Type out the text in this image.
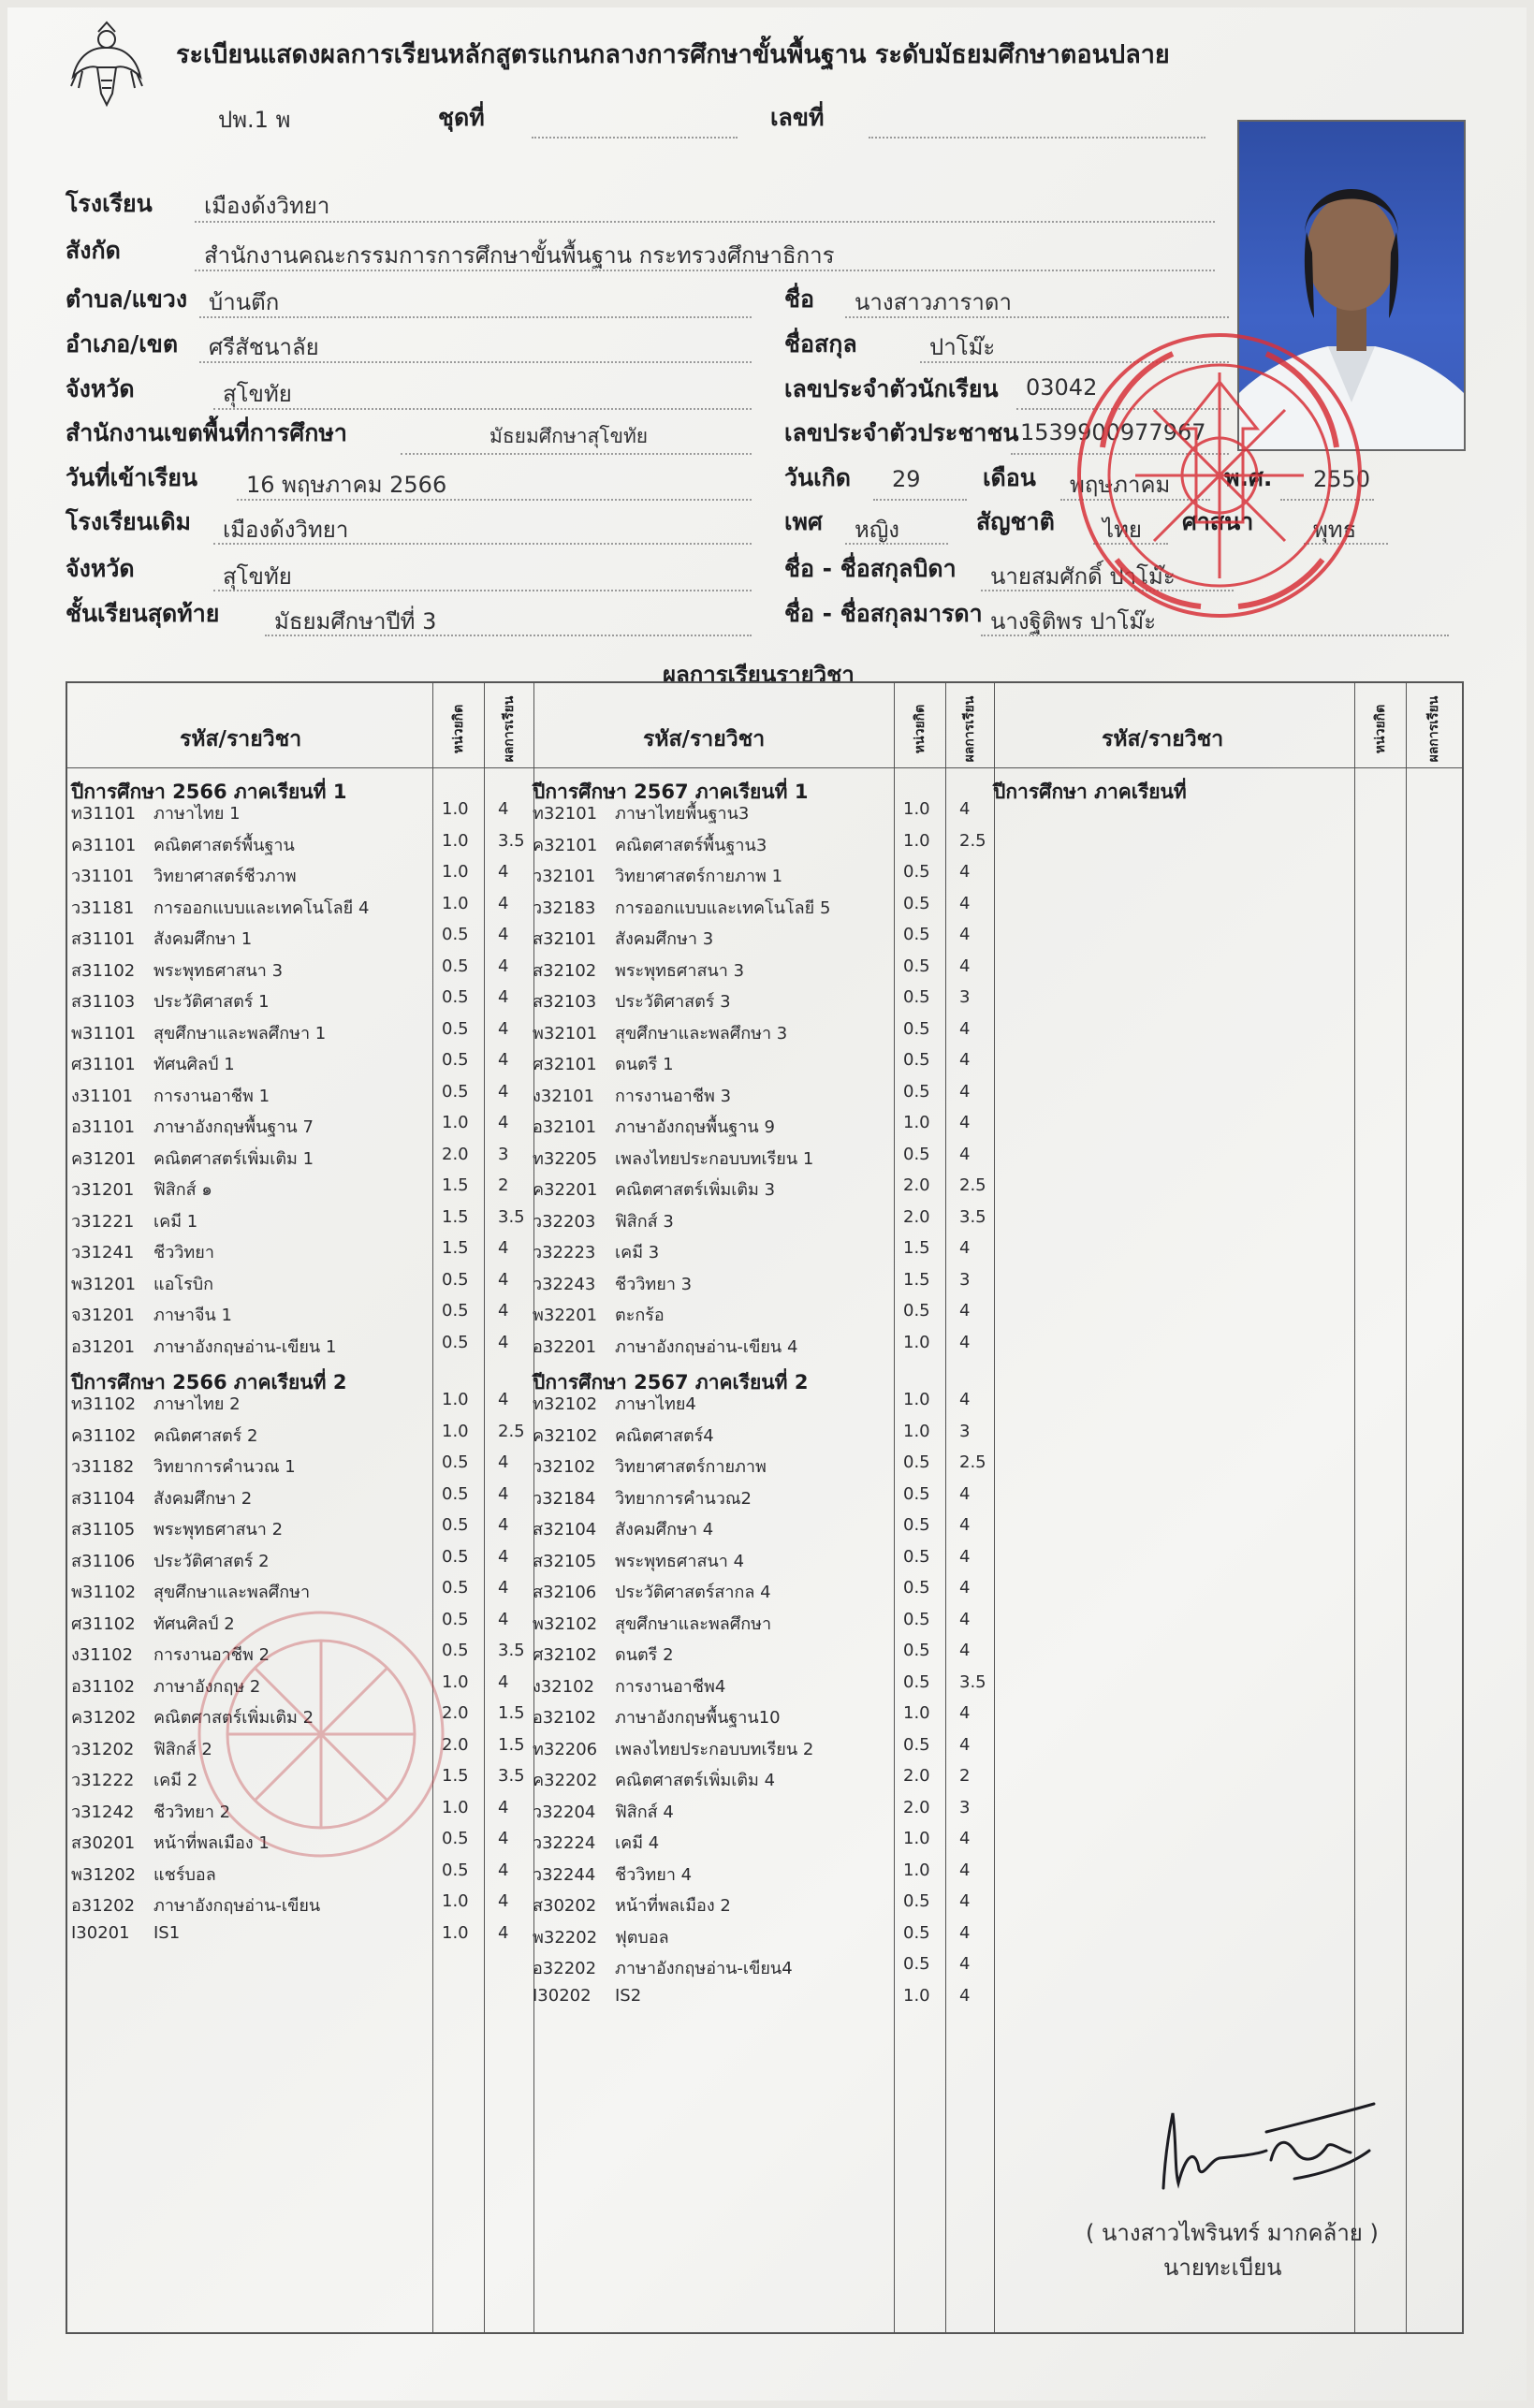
ระเบียนแสดงผลการเรียนหลักสูตรแกนกลางการศึกษาขั้นพื้นฐาน ระดับมัธยมศึกษาตอนปลาย
ปพ.1 พ	ชุดที่	เลขที่
โรงเรียน เมืองด้งวิทยา
สังกัด	สำนักงานคณะกรรมการการศึกษาขั้นพื้นฐาน กระทรวงศึกษาธิการ
ตำบล/แขวง บ้านตึก
อำเภอ/เขต ศรีสัชนาลัย
จังหวัด	สุโขทัย
สำนักงานเขตพื้นที่การศึกษา	มัธยมศึกษาสุโขทัย
วันที่เข้าเรียน 16 พฤษภาคม 2566
โรงเรียนเดิม เมืองด้งวิทยา
จังหวัด	สุโขทัย
ชั้นเรียนสุดท้าย มัธยมศึกษาปีที่ 3
ชื่อ นางสาวภาราดา
ชื่อสกุล	ปาโม๊ะ
เลขประจำตัวนักเรียน 03042
เลขประจำตัวประชาชน 1539900977967
วันเกิด 29	เดือน พฤษภาคม พ.ศ. 2550
เพศ หญิง	สัญชาติ ไทย ศาสนา	พุทธ
ชื่อ - ชื่อสกุลบิดา นายสมศักดิ์ ปาโม๊ะ
ชื่อ - ชื่อสกุลมารดา นางฐิติพร ปาโม๊ะ
ผลการเรียนรายวิชา
รหัส/รายวิชา	หน่วยกิต	ผลการเรียน	รหัส/รายวิชา	หน่วยกิต	ผลการเรียน	รหัส/รายวิชา	หน่วยกิต	ผลการเรียน
ปีการศึกษา 2566 ภาคเรียนที่ 1
ท31101 ภาษาไทย 1	1.0 4
ค31101 คณิตศาสตร์พื้นฐาน	1.0 3.5
ว31101 วิทยาศาสตร์ชีวภาพ	1.0 4
ว31181 การออกแบบและเทคโนโลยี 4	1.0 4
ส31101 สังคมศึกษา 1	0.5 4
ส31102 พระพุทธศาสนา 3	0.5 4
ส31103 ประวัติศาสตร์ 1	0.5 4
พ31101 สุขศึกษาและพลศึกษา 1	0.5 4
ศ31101 ทัศนศิลป์ 1	0.5 4
ง31101 การงานอาชีพ 1	0.5 4
อ31101 ภาษาอังกฤษพื้นฐาน 7	1.0 4
ค31201 คณิตศาสตร์เพิ่มเติม 1	2.0 3
ว31201 ฟิสิกส์ ๑	1.5 2
ว31221 เคมี 1	1.5 3.5
ว31241 ชีววิทยา	1.5 4
พ31201 แอโรบิก	0.5 4
จ31201 ภาษาจีน 1	0.5 4
อ31201 ภาษาอังกฤษอ่าน-เขียน 1	0.5 4
ปีการศึกษา 2566 ภาคเรียนที่ 2
ท31102 ภาษาไทย 2	1.0 4
ค31102 คณิตศาสตร์ 2	1.0 2.5
ว31182 วิทยาการคำนวณ 1	0.5 4
ส31104 สังคมศึกษา 2	0.5 4
ส31105 พระพุทธศาสนา 2	0.5 4
ส31106 ประวัติศาสตร์ 2	0.5 4
พ31102 สุขศึกษาและพลศึกษา	0.5 4
ศ31102 ทัศนศิลป์ 2	0.5 4
ง31102 การงานอาชีพ 2	0.5 3.5
อ31102 ภาษาอังกฤษ 2	1.0 4
ค31202 คณิตศาสตร์เพิ่มเติม 2	2.0 1.5
ว31202 ฟิสิกส์ 2	2.0 1.5
ว31222 เคมี 2	1.5 3.5
ว31242 ชีววิทยา 2	1.0 4
ส30201 หน้าที่พลเมือง 1	0.5 4
พ31202 แชร์บอล	0.5 4
อ31202 ภาษาอังกฤษอ่าน-เขียน	1.0 4
I30201 IS1	1.0 4
ปีการศึกษา 2567 ภาคเรียนที่ 1
ท32101 ภาษาไทยพื้นฐาน3	1.0 4
ค32101 คณิตศาสตร์พื้นฐาน3	1.0 2.5
ว32101 วิทยาศาสตร์กายภาพ 1	0.5 4
ว32183 การออกแบบและเทคโนโลยี 5	0.5 4
ส32101 สังคมศึกษา 3	0.5 4
ส32102 พระพุทธศาสนา 3	0.5 4
ส32103 ประวัติศาสตร์ 3	0.5 3
พ32101 สุขศึกษาและพลศึกษา 3	0.5 4
ศ32101 ดนตรี 1	0.5 4
ง32101 การงานอาชีพ 3	0.5 4
อ32101 ภาษาอังกฤษพื้นฐาน 9	1.0 4
ท32205 เพลงไทยประกอบบทเรียน 1	0.5 4
ค32201 คณิตศาสตร์เพิ่มเติม 3	2.0 2.5
ว32203 ฟิสิกส์ 3	2.0 3.5
ว32223 เคมี 3	1.5 4
ว32243 ชีววิทยา 3	1.5 3
พ32201 ตะกร้อ	0.5 4
อ32201 ภาษาอังกฤษอ่าน-เขียน 4	1.0 4
ปีการศึกษา 2567 ภาคเรียนที่ 2
ท32102 ภาษาไทย4	1.0 4
ค32102 คณิตศาสตร์4	1.0 3
ว32102 วิทยาศาสตร์กายภาพ	0.5 2.5
ว32184 วิทยาการคำนวณ2	0.5 4
ส32104 สังคมศึกษา 4	0.5 4
ส32105 พระพุทธศาสนา 4	0.5 4
ส32106 ประวัติศาสตร์สากล 4	0.5 4
พ32102 สุขศึกษาและพลศึกษา	0.5 4
ศ32102 ดนตรี 2	0.5 4
ง32102 การงานอาชีพ4	0.5 3.5
อ32102 ภาษาอังกฤษพื้นฐาน10	1.0 4
ท32206 เพลงไทยประกอบบทเรียน 2	0.5 4
ค32202 คณิตศาสตร์เพิ่มเติม 4	2.0 2
ว32204 ฟิสิกส์ 4	2.0 3
ว32224 เคมี 4	1.0 4
ว32244 ชีววิทยา 4	1.0 4
ส30202 หน้าที่พลเมือง 2	0.5 4
พ32202 ฟุตบอล	0.5 4
อ32202 ภาษาอังกฤษอ่าน-เขียน4	0.5 4
I30202 IS2	1.0 4
ปีการศึกษา ภาคเรียนที่
( นางสาวไพรินทร์ มากคล้าย )
นายทะเบียน
